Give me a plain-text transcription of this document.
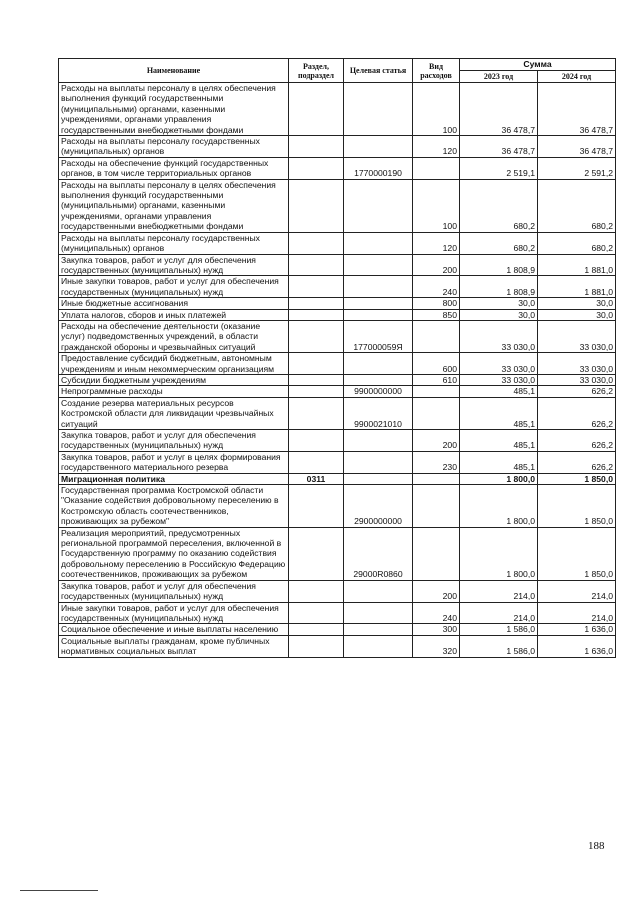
Наименование	Раздел, подраздел	Целевая статья	Вид расходов	Сумма	
				2023 год	2024 год
Расходы на выплаты персоналу в целях обеспечения выполнения функций государственными (муниципальными) органами, казенными учреждениями, органами управления государственными внебюджетными фондами			100	36 478,7	36 478,7
Расходы на выплаты персоналу государственных (муниципальных) органов			120	36 478,7	36 478,7
Расходы на обеспечение функций государственных органов, в том числе территориальных органов		1770000190		2 519,1	2 591,2
Расходы на выплаты персоналу в целях обеспечения выполнения функций государственными (муниципальными) органами, казенными учреждениями, органами управления государственными внебюджетными фондами			100	680,2	680,2
Расходы на выплаты персоналу государственных (муниципальных) органов			120	680,2	680,2
Закупка товаров, работ и услуг для обеспечения государственных (муниципальных) нужд			200	1 808,9	1 881,0
Иные закупки товаров, работ и услуг для обеспечения государственных (муниципальных) нужд			240	1 808,9	1 881,0
Иные бюджетные ассигнования			800	30,0	30,0
Уплата налогов, сборов и иных платежей			850	30,0	30,0
Расходы на обеспечение деятельности (оказание услуг) подведомственных учреждений, в области гражданской обороны и чрезвычайных ситуаций		177000059Я		33 030,0	33 030,0
Предоставление субсидий бюджетным, автономным учреждениям и иным некоммерческим организациям			600	33 030,0	33 030,0
Субсидии бюджетным учреждениям			610	33 030,0	33 030,0
Непрограммные расходы		9900000000		485,1	626,2
Создание резерва материальных ресурсов Костромской области для ликвидации чрезвычайных ситуаций		9900021010		485,1	626,2
Закупка товаров, работ и услуг для обеспечения государственных (муниципальных) нужд			200	485,1	626,2
Закупка товаров, работ и услуг в целях формирования государственного материального резерва			230	485,1	626,2
Миграционная политика	0311			1 800,0	1 850,0
Государственная программа Костромской области "Оказание содействия добровольному переселению в Костромскую область соотечественников, проживающих за рубежом"		2900000000		1 800,0	1 850,0
Реализация мероприятий, предусмотренных региональной программой переселения, включенной в Государственную программу по оказанию содействия добровольному переселению в Российскую Федерацию соотечественников, проживающих за рубежом		29000R0860		1 800,0	1 850,0
Закупка товаров, работ и услуг для обеспечения государственных (муниципальных) нужд			200	214,0	214,0
Иные закупки товаров, работ и услуг для обеспечения государственных (муниципальных) нужд			240	214,0	214,0
Социальное обеспечение и иные выплаты населению			300	1 586,0	1 636,0
Социальные выплаты гражданам, кроме публичных нормативных социальных выплат			320	1 586,0	1 636,0
188
